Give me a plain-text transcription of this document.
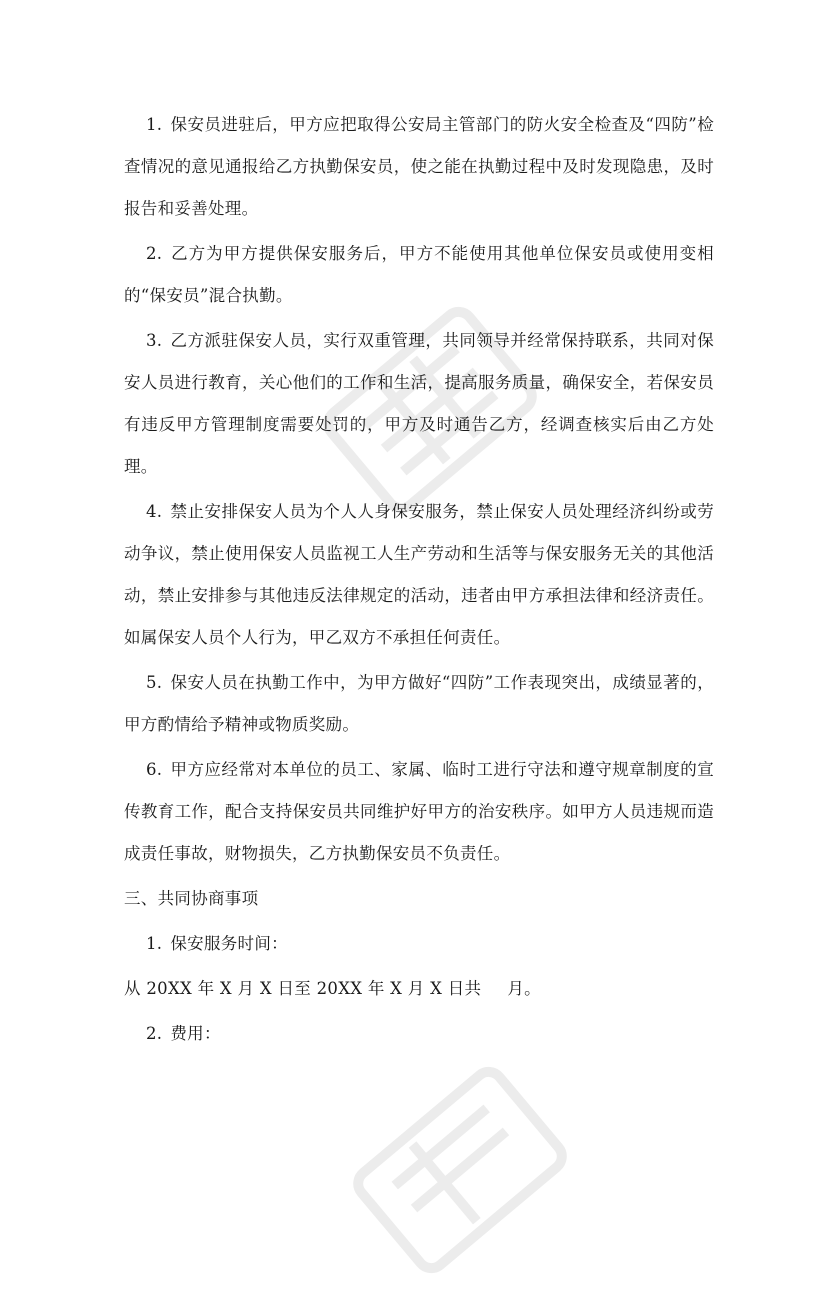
1. 保安员进驻后，甲方应把取得公安局主管部门的防火安全检查及“四防”检查情况的意见通报给乙方执勤保安员，使之能在执勤过程中及时发现隐患，及时报告和妥善处理。

2. 乙方为甲方提供保安服务后，甲方不能使用其他单位保安员或使用变相的“保安员”混合执勤。

3. 乙方派驻保安人员，实行双重管理，共同领导并经常保持联系，共同对保安人员进行教育，关心他们的工作和生活，提高服务质量，确保安全，若保安员有违反甲方管理制度需要处罚的，甲方及时通告乙方，经调查核实后由乙方处理。

4. 禁止安排保安人员为个人人身保安服务，禁止保安人员处理经济纠纷或劳动争议，禁止使用保安人员监视工人生产劳动和生活等与保安服务无关的其他活动，禁止安排参与其他违反法律规定的活动，违者由甲方承担法律和经济责任。如属保安人员个人行为，甲乙双方不承担任何责任。

5. 保安人员在执勤工作中，为甲方做好“四防”工作表现突出，成绩显著的，甲方酌情给予精神或物质奖励。

6. 甲方应经常对本单位的员工、家属、临时工进行守法和遵守规章制度的宣传教育工作，配合支持保安员共同维护好甲方的治安秩序。如甲方人员违规而造成责任事故，财物损失，乙方执勤保安员不负责任。

三、共同协商事项

1. 保安服务时间：

从 20XX 年 X 月 X 日至 20XX 年 X 月 X 日共 月。

2. 费用：
